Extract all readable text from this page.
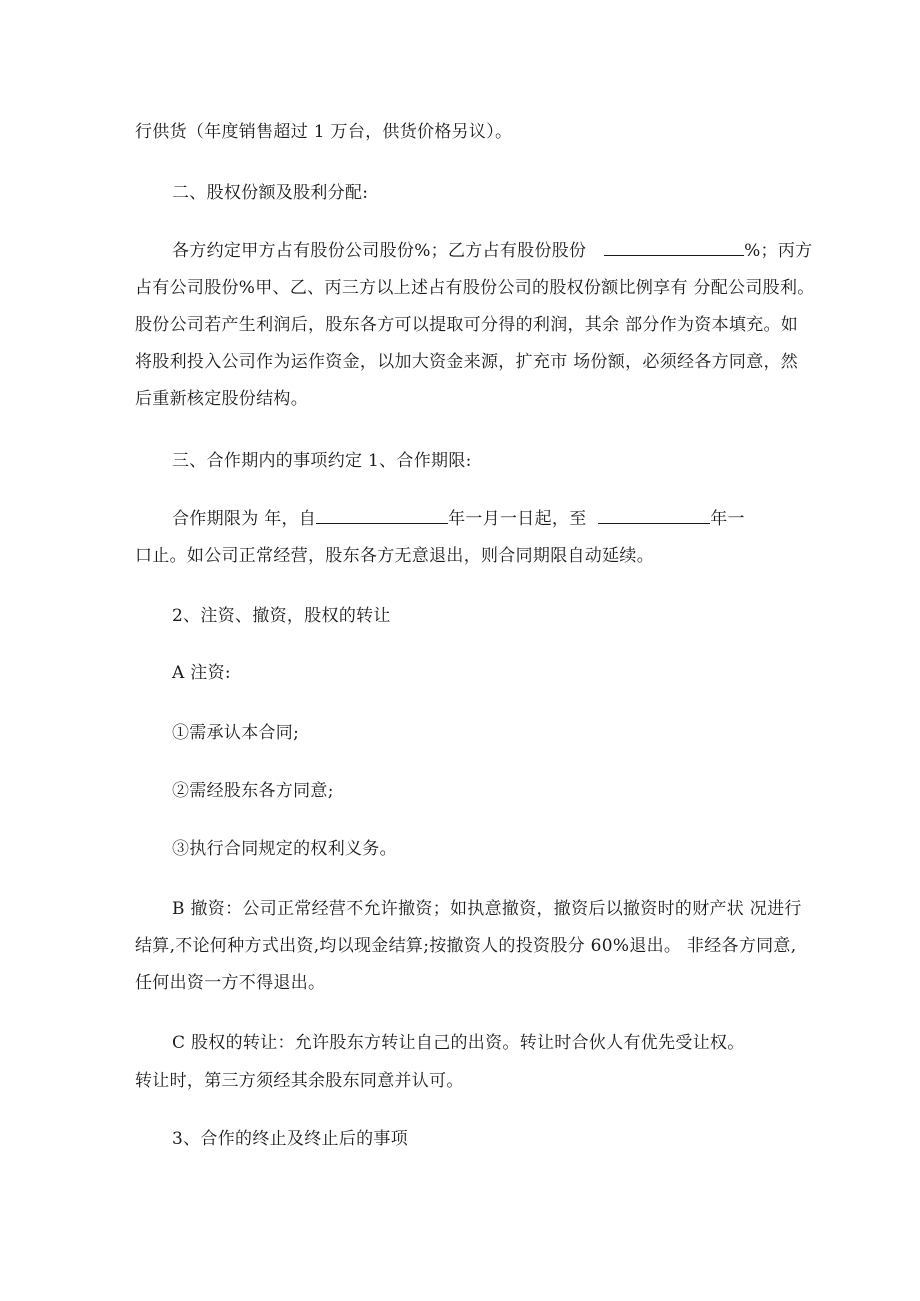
行供货（年度销售超过 1 万台，供货价格另议）。
二、股权份额及股利分配:
各方约定甲方占有股份公司股份%；乙方占有股份股份	%；丙方
占有公司股份%甲、乙、丙三方以上述占有股份公司的股权份额比例享有 分配公司股利。
股份公司若产生利润后，股东各方可以提取可分得的利润，其余 部分作为资本填充。如
将股利投入公司作为运作资金，以加大资金来源，扩充市 场份额，必须经各方同意，然
后重新核定股份结构。
三、合作期内的事项约定 1、合作期限:
合作期限为 年，自	年一月一日起，至	年一
口止。如公司正常经营，股东各方无意退出，则合同期限自动延续。
2、注资、撤资，股权的转让
A 注资:
①需承认本合同;
②需经股东各方同意;
③执行合同规定的权利义务。
B 撤资：公司正常经营不允许撤资；如执意撤资，撤资后以撤资时的财产状 况进行
结算,不论何种方式出资,均以现金结算;按撤资人的投资股分 60%退出。 非经各方同意,
任何出资一方不得退出。
C 股权的转让：允许股东方转让自己的出资。转让时合伙人有优先受让权。
转让时，第三方须经其余股东同意并认可。
3、合作的终止及终止后的事项
